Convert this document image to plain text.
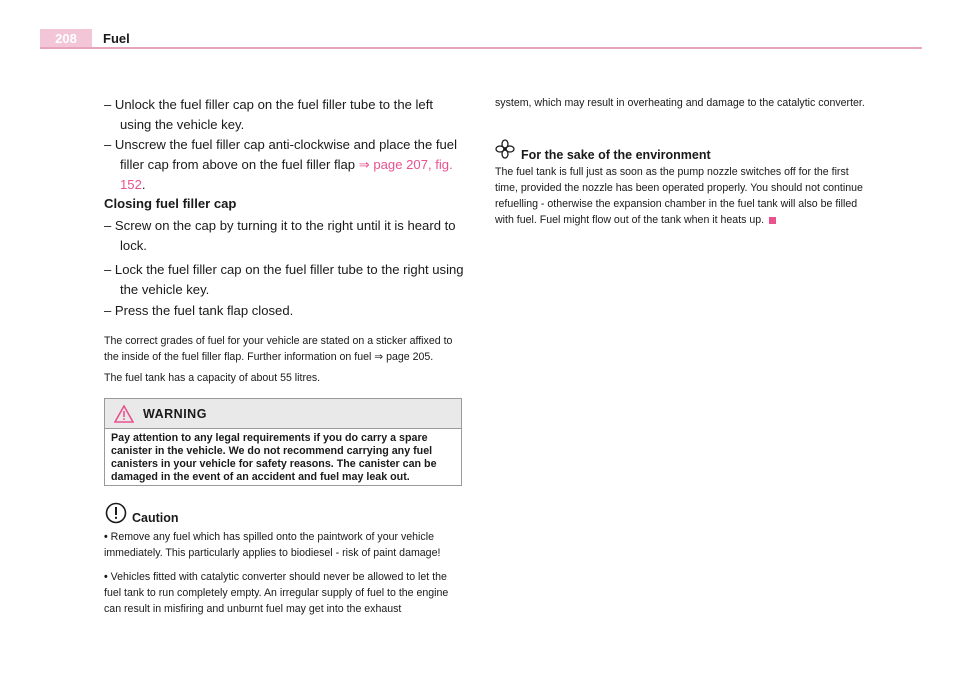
208	Fuel
– Unlock the fuel filler cap on the fuel filler tube to the left using the vehicle key.
– Unscrew the fuel filler cap anti-clockwise and place the fuel filler cap from above on the fuel filler flap ⇒ page 207, fig. 152.
Closing fuel filler cap
– Screw on the cap by turning it to the right until it is heard to lock.
– Lock the fuel filler cap on the fuel filler tube to the right using the vehicle key.
– Press the fuel tank flap closed.
The correct grades of fuel for your vehicle are stated on a sticker affixed to the inside of the fuel filler flap. Further information on fuel ⇒ page 205.
The fuel tank has a capacity of about 55 litres.
WARNING
Pay attention to any legal requirements if you do carry a spare canister in the vehicle. We do not recommend carrying any fuel canisters in your vehicle for safety reasons. The canister can be damaged in the event of an accident and fuel may leak out.
Caution
• Remove any fuel which has spilled onto the paintwork of your vehicle immediately. This particularly applies to biodiesel - risk of paint damage!
• Vehicles fitted with catalytic converter should never be allowed to let the fuel tank to run completely empty. An irregular supply of fuel to the engine can result in misfiring and unburnt fuel may get into the exhaust
system, which may result in overheating and damage to the catalytic converter.
For the sake of the environment
The fuel tank is full just as soon as the pump nozzle switches off for the first time, provided the nozzle has been operated properly. You should not continue refuelling - otherwise the expansion chamber in the fuel tank will also be filled with fuel. Fuel might flow out of the tank when it heats up.
